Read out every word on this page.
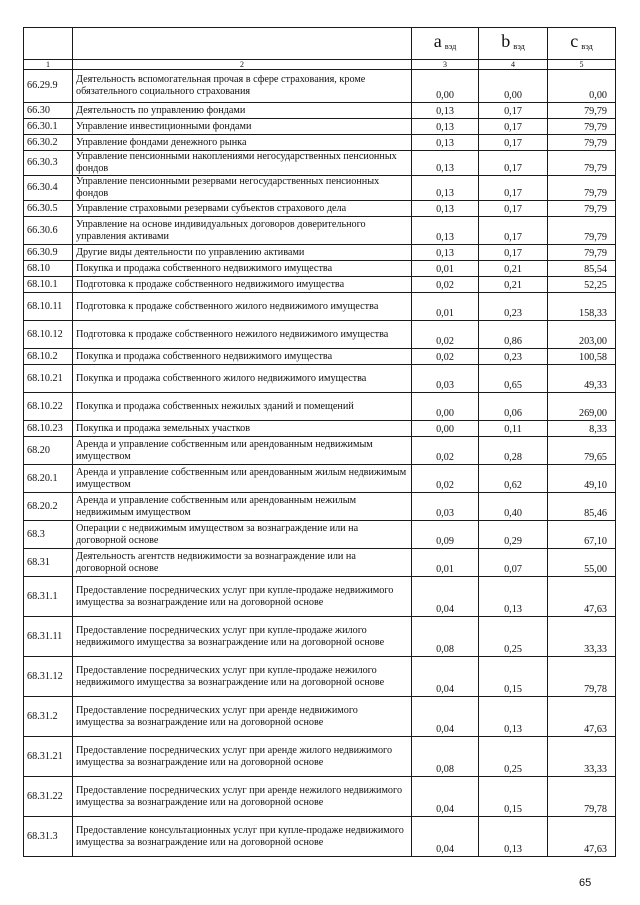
		a $_{вэд}$	b $_{вэд}$	c $_{вэд}$
1	2	3	4	5
66.29.9	Деятельность вспомогательная прочая в сфере страхования, кроме обязательного социального страхования	0,00	0,00	0,00
66.30	Деятельность по управлению фондами	0,13	0,17	79,79
66.30.1	Управление инвестиционными фондами	0,13	0,17	79,79
66.30.2	Управление фондами денежного рынка	0,13	0,17	79,79
66.30.3	Управление пенсионными накоплениями негосударственных пенсионных фондов	0,13	0,17	79,79
66.30.4	Управление пенсионными резервами негосударственных пенсионных фондов	0,13	0,17	79,79
66.30.5	Управление страховыми резервами субъектов страхового дела	0,13	0,17	79,79
66.30.6	Управление на основе индивидуальных договоров доверительного управления активами	0,13	0,17	79,79
66.30.9	Другие виды деятельности по управлению активами	0,13	0,17	79,79
68.10	Покупка и продажа собственного недвижимого имущества	0,01	0,21	85,54
68.10.1	Подготовка к продаже собственного недвижимого имущества	0,02	0,21	52,25
68.10.11	Подготовка к продаже собственного жилого недвижимого имущества	0,01	0,23	158,33
68.10.12	Подготовка к продаже собственного нежилого недвижимого имущества	0,02	0,86	203,00
68.10.2	Покупка и продажа собственного недвижимого имущества	0,02	0,23	100,58
68.10.21	Покупка и продажа собственного жилого недвижимого имущества	0,03	0,65	49,33
68.10.22	Покупка и продажа собственных нежилых зданий и помещений	0,00	0,06	269,00
68.10.23	Покупка и продажа земельных участков	0,00	0,11	8,33
68.20	Аренда и управление собственным или арендованным недвижимым имуществом	0,02	0,28	79,65
68.20.1	Аренда и управление собственным или арендованным жилым недвижимым имуществом	0,02	0,62	49,10
68.20.2	Аренда и управление собственным или арендованным нежилым недвижимым имуществом	0,03	0,40	85,46
68.3	Операции с недвижимым имуществом за вознаграждение или на договорной основе	0,09	0,29	67,10
68.31	Деятельность агентств недвижимости за вознаграждение или на договорной основе	0,01	0,07	55,00
68.31.1	Предоставление посреднических услуг при купле-продаже недвижимого имущества за вознаграждение или на договорной основе	0,04	0,13	47,63
68.31.11	Предоставление посреднических услуг при купле-продаже жилого недвижимого имущества за вознаграждение или на договорной основе	0,08	0,25	33,33
68.31.12	Предоставление посреднических услуг при купле-продаже нежилого недвижимого имущества за вознаграждение или на договорной основе	0,04	0,15	79,78
68.31.2	Предоставление посреднических услуг при аренде недвижимого имущества за вознаграждение или на договорной основе	0,04	0,13	47,63
68.31.21	Предоставление посреднических услуг при аренде жилого недвижимого имущества за вознаграждение или на договорной основе	0,08	0,25	33,33
68.31.22	Предоставление посреднических услуг при аренде нежилого недвижимого имущества за вознаграждение или на договорной основе	0,04	0,15	79,78
68.31.3	Предоставление консультационных услуг при купле-продаже недвижимого имущества за вознаграждение или на договорной основе	0,04	0,13	47,63
65
